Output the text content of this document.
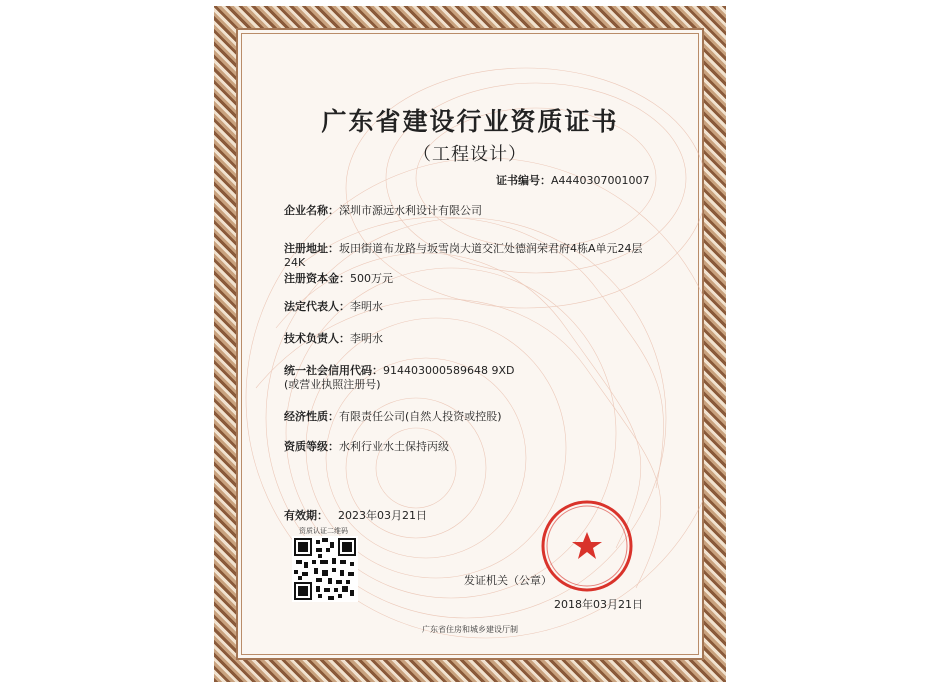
广东省建设行业资质证书
（工程设计）
证书编号：A4440307001007
企业名称：深圳市源远水利设计有限公司
注册地址：坂田街道布龙路与坂雪岗大道交汇处德润荣君府4栋A单元24层
24K
注册资本金：500万元
法定代表人：李明水
技术负责人：李明水
统一社会信用代码：914403000589648 9XD
(或营业执照注册号)
经济性质：有限责任公司(自然人投资或控股)
资质等级：水利行业水土保持丙级
有效期： 2023年03月21日
资质认证二维码
发证机关（公章）
2018年03月21日
广东省住房和城乡建设厅制
